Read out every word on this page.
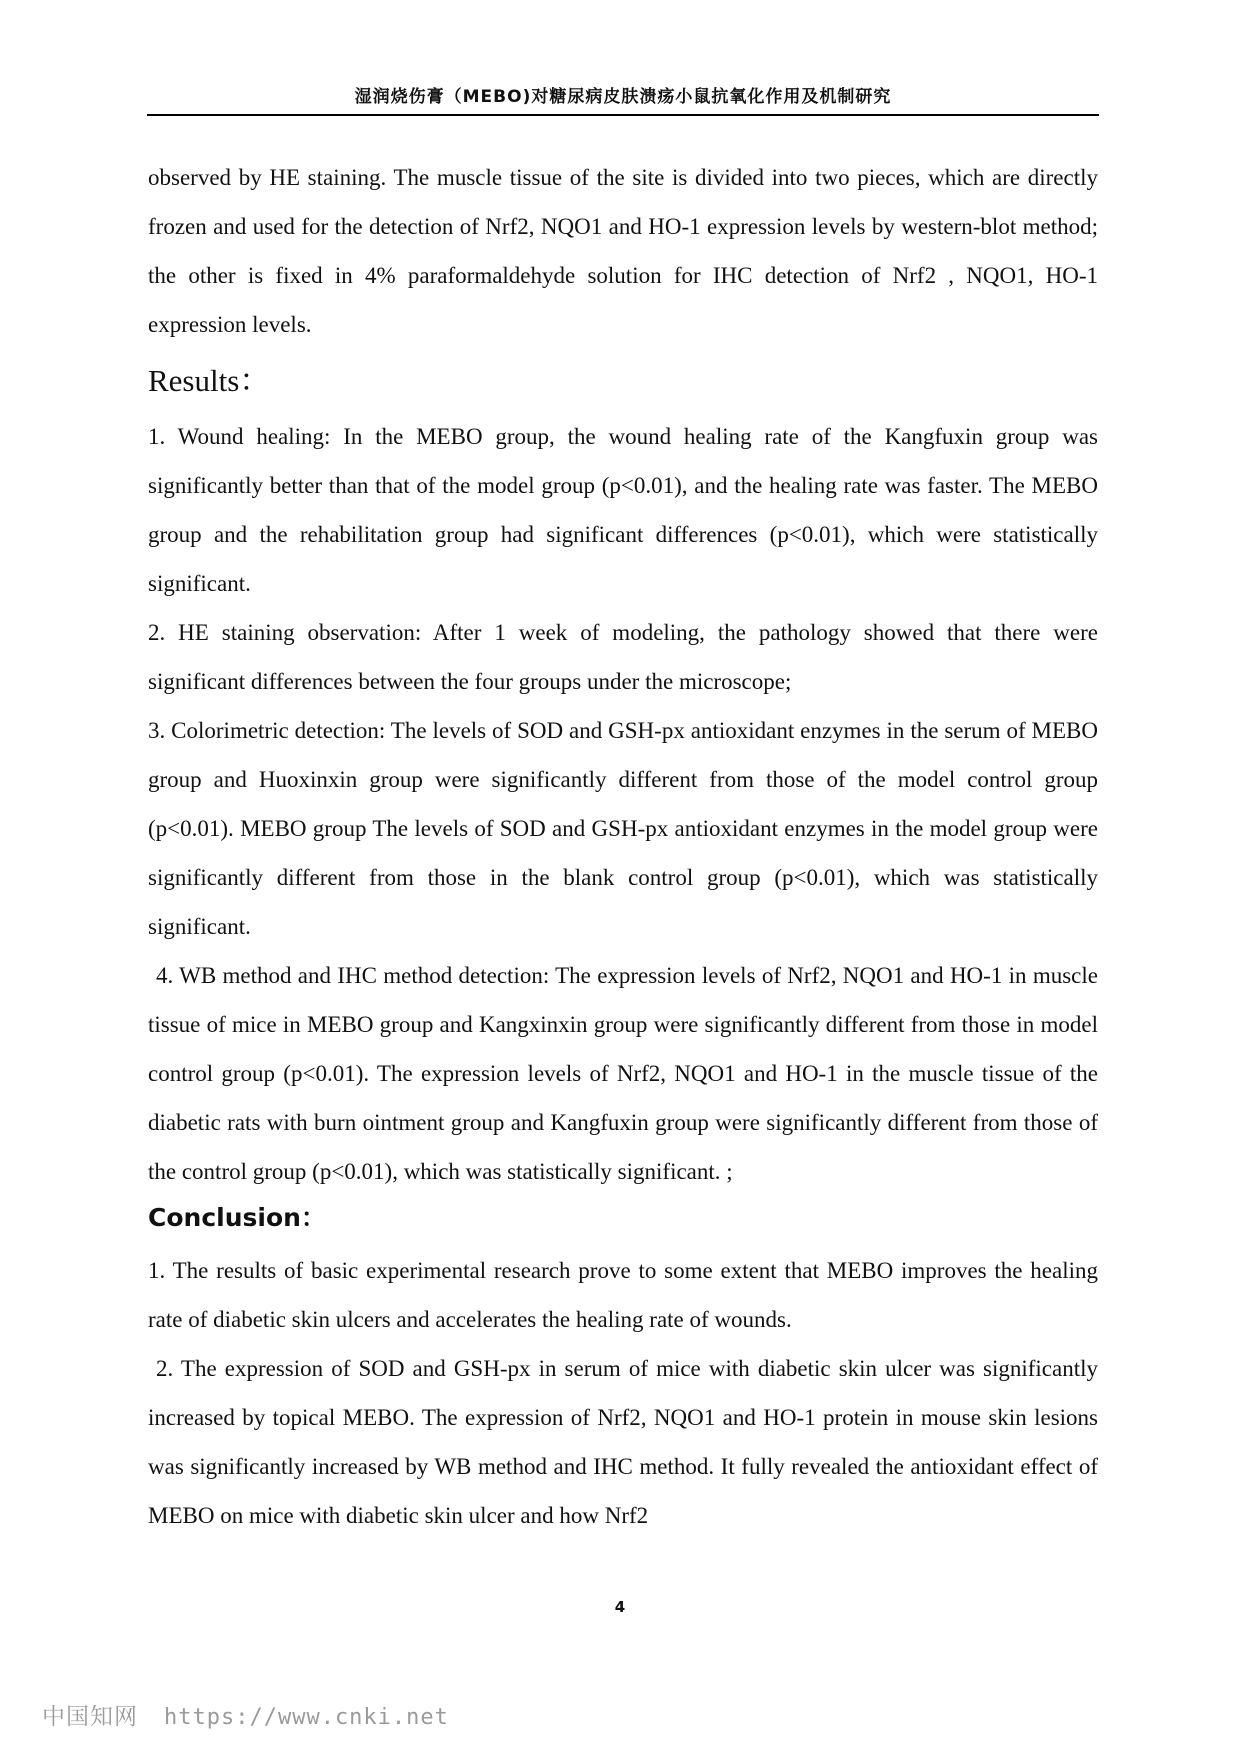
湿润烧伤膏（MEBO)对糖尿病皮肤溃疡小鼠抗氧化作用及机制研究

observed by HE staining. The muscle tissue of the site is divided into two pieces, which are directly frozen and used for the detection of Nrf2, NQO1 and HO-1 expression levels by western-blot method; the other is fixed in 4% paraformaldehyde solution for IHC detection of Nrf2 , NQO1, HO-1 expression levels.

Results：

1. Wound healing: In the MEBO group, the wound healing rate of the Kangfuxin group was significantly better than that of the model group (p<0.01), and the healing rate was faster. The MEBO group and the rehabilitation group had significant differences (p<0.01), which were statistically significant.

2. HE staining observation: After 1 week of modeling, the pathology showed that there were significant differences between the four groups under the microscope;

3. Colorimetric detection: The levels of SOD and GSH-px antioxidant enzymes in the serum of MEBO group and Huoxinxin group were significantly different from those of the model control group (p<0.01). MEBO group The levels of SOD and GSH-px antioxidant enzymes in the model group were significantly different from those in the blank control group (p<0.01), which was statistically significant.

4. WB method and IHC method detection: The expression levels of Nrf2, NQO1 and HO-1 in muscle tissue of mice in MEBO group and Kangxinxin group were significantly different from those in model control group (p<0.01). The expression levels of Nrf2, NQO1 and HO-1 in the muscle tissue of the diabetic rats with burn ointment group and Kangfuxin group were significantly different from those of the control group (p<0.01), which was statistically significant. ;

Conclusion：

1. The results of basic experimental research prove to some extent that MEBO improves the healing rate of diabetic skin ulcers and accelerates the healing rate of wounds.

2. The expression of SOD and GSH-px in serum of mice with diabetic skin ulcer was significantly increased by topical MEBO. The expression of Nrf2, NQO1 and HO-1 protein in mouse skin lesions was significantly increased by WB method and IHC method. It fully revealed the antioxidant effect of MEBO on mice with diabetic skin ulcer and how Nrf2

4
中国知网 https://www.cnki.net
